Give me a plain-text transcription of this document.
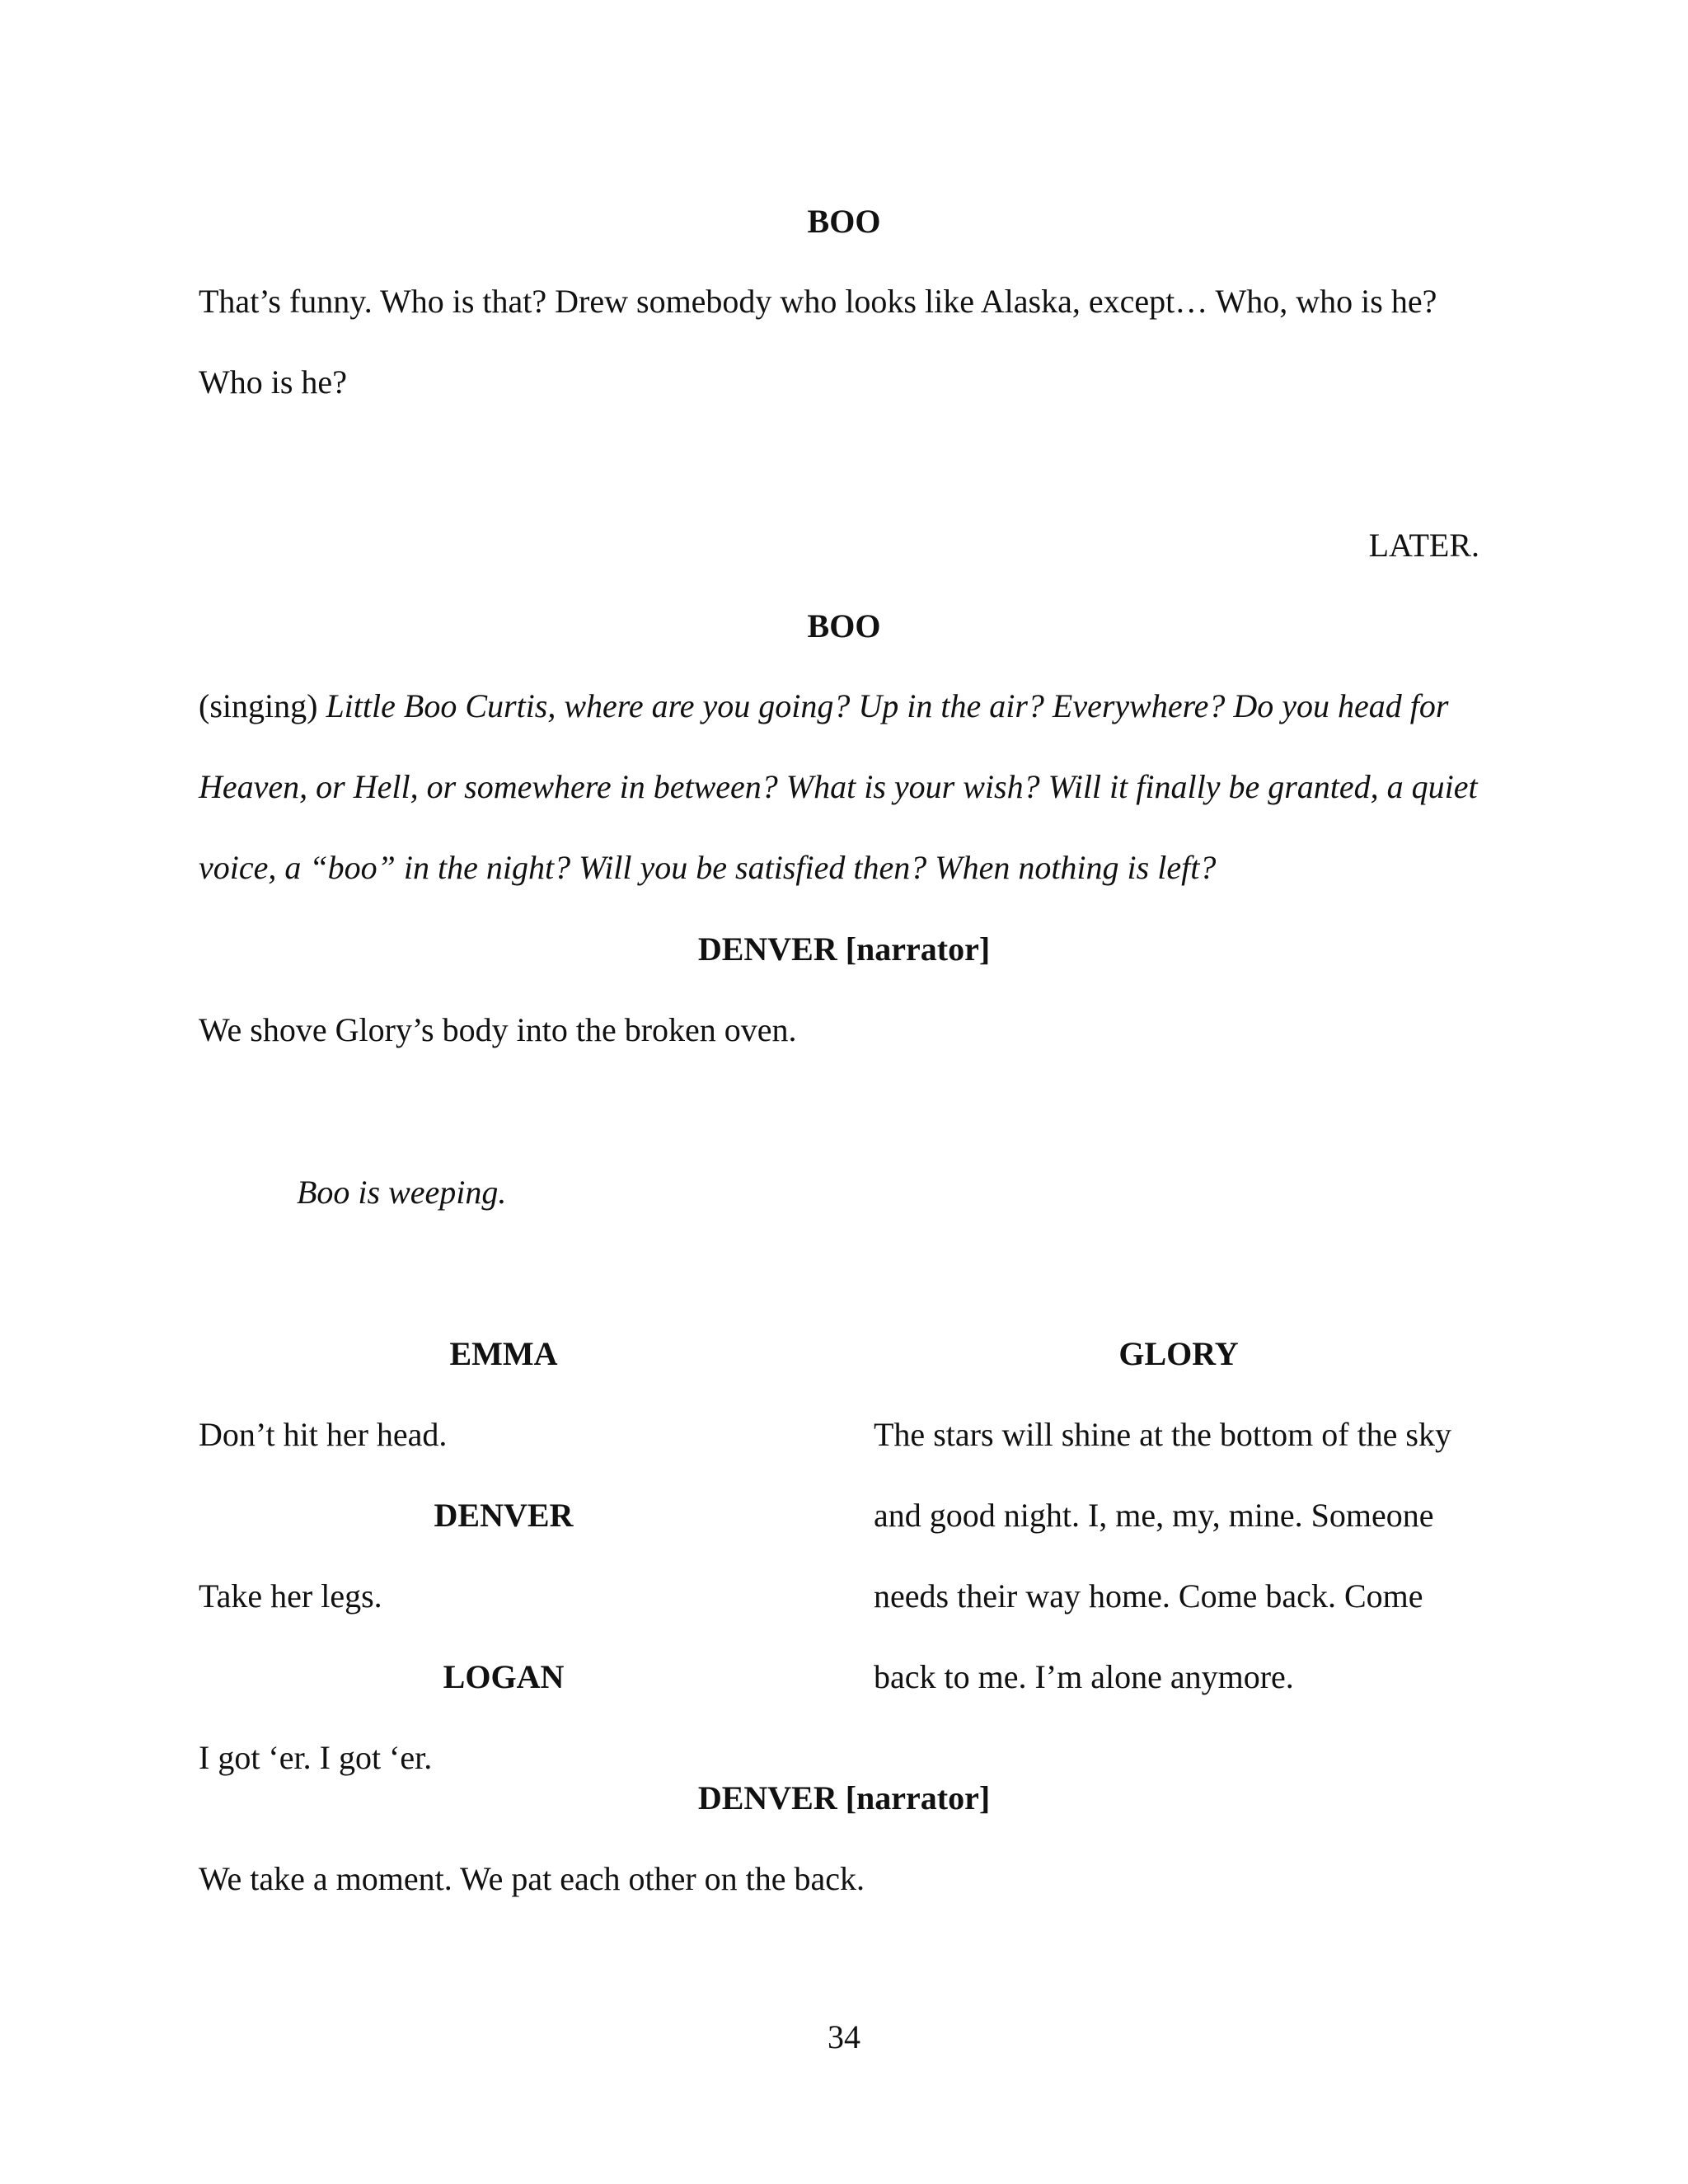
BOO
That’s funny. Who is that? Drew somebody who looks like Alaska, except… Who, who is he?
Who is he?
LATER.
BOO
(singing) Little Boo Curtis, where are you going? Up in the air? Everywhere? Do you head for
Heaven, or Hell, or somewhere in between? What is your wish? Will it finally be granted, a quiet
voice, a “boo” in the night? Will you be satisfied then? When nothing is left?
DENVER [narrator]
We shove Glory’s body into the broken oven.
Boo is weeping.
EMMA
Don’t hit her head.
DENVER
Take her legs.
LOGAN
I got ‘er. I got ‘er.
GLORY
The stars will shine at the bottom of the sky
and good night. I, me, my, mine. Someone
needs their way home. Come back. Come
back to me. I’m alone anymore.
DENVER [narrator]
We take a moment. We pat each other on the back.
34
